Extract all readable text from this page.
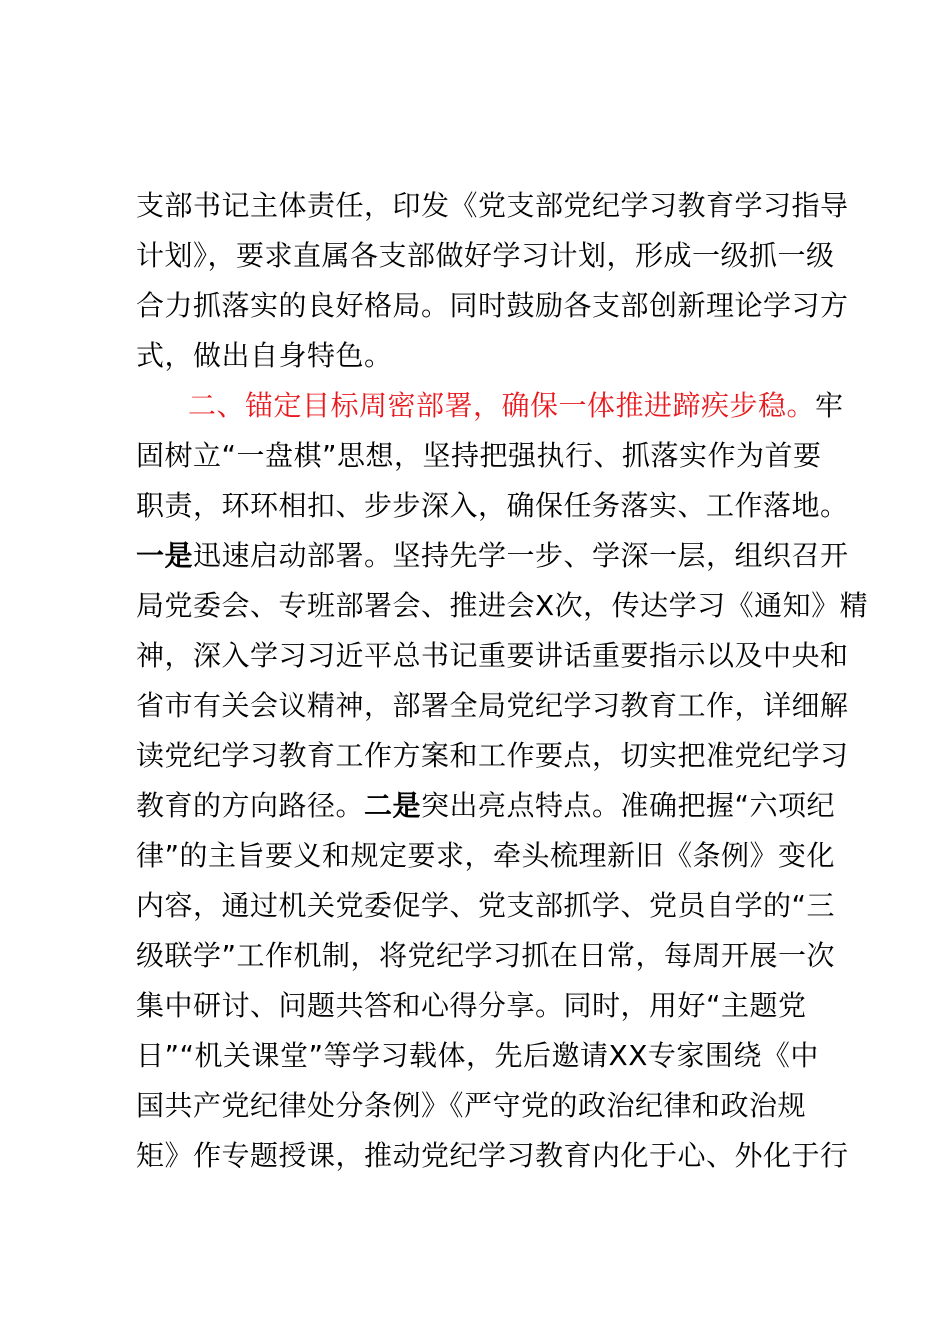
支部书记主体责任，印发《党支部党纪学习教育学习指导
计划》，要求直属各支部做好学习计划，形成一级抓一级
合力抓落实的良好格局。同时鼓励各支部创新理论学习方
式，做出自身特色。
二、锚定目标周密部署，确保一体推进蹄疾步稳。牢
固树立“一盘棋”思想，坚持把强执行、抓落实作为首要
职责，环环相扣、步步深入，确保任务落实、工作落地。
一是迅速启动部署。坚持先学一步、学深一层，组织召开
局党委会、专班部署会、推进会X次，传达学习《通知》精
神，深入学习习近平总书记重要讲话重要指示以及中央和
省市有关会议精神，部署全局党纪学习教育工作，详细解
读党纪学习教育工作方案和工作要点，切实把准党纪学习
教育的方向路径。二是突出亮点特点。准确把握“六项纪
律”的主旨要义和规定要求，牵头梳理新旧《条例》变化
内容，通过机关党委促学、党支部抓学、党员自学的“三
级联学”工作机制，将党纪学习抓在日常，每周开展一次
集中研讨、问题共答和心得分享。同时，用好“主题党
日”“机关课堂”等学习载体，先后邀请XX专家围绕《中
国共产党纪律处分条例》《严守党的政治纪律和政治规
矩》作专题授课，推动党纪学习教育内化于心、外化于行
